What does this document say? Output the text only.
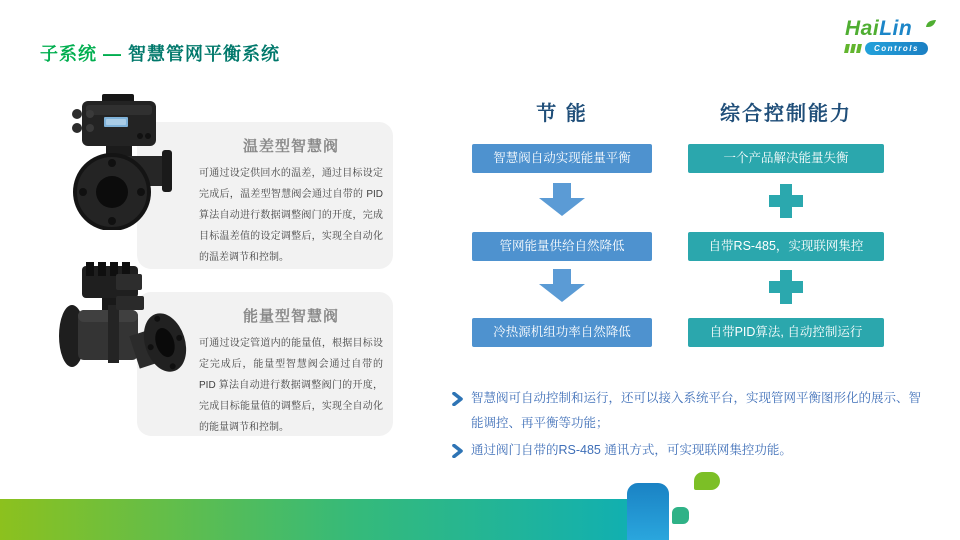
子系统 — 智慧管网平衡系统
HaiLin
Controls
温差型智慧阀
可通过设定供回水的温差，通过目标设定完成后，温差型智慧阀会通过自带的 PID 算法自动进行数据调整阀门的开度，完成目标温差值的设定调整后，实现全自动化的温差调节和控制。
能量型智慧阀
可通过设定管道内的能量值，根据目标设定完成后，能量型智慧阀会通过自带的 PID 算法自动进行数据调整阀门的开度，完成目标能量值的调整后，实现全自动化的能量调节和控制。
节 能	综合控制能力
智慧阀自动实现能量平衡
管网能量供给自然降低
冷热源机组功率自然降低
一个产品解决能量失衡
自带RS-485，实现联网集控
自带PID算法, 自动控制运行
智慧阀可自动控制和运行，还可以接入系统平台，实现管网平衡图形化的展示、智能调控、再平衡等功能；
通过阀门自带的RS-485 通讯方式，可实现联网集控功能。
